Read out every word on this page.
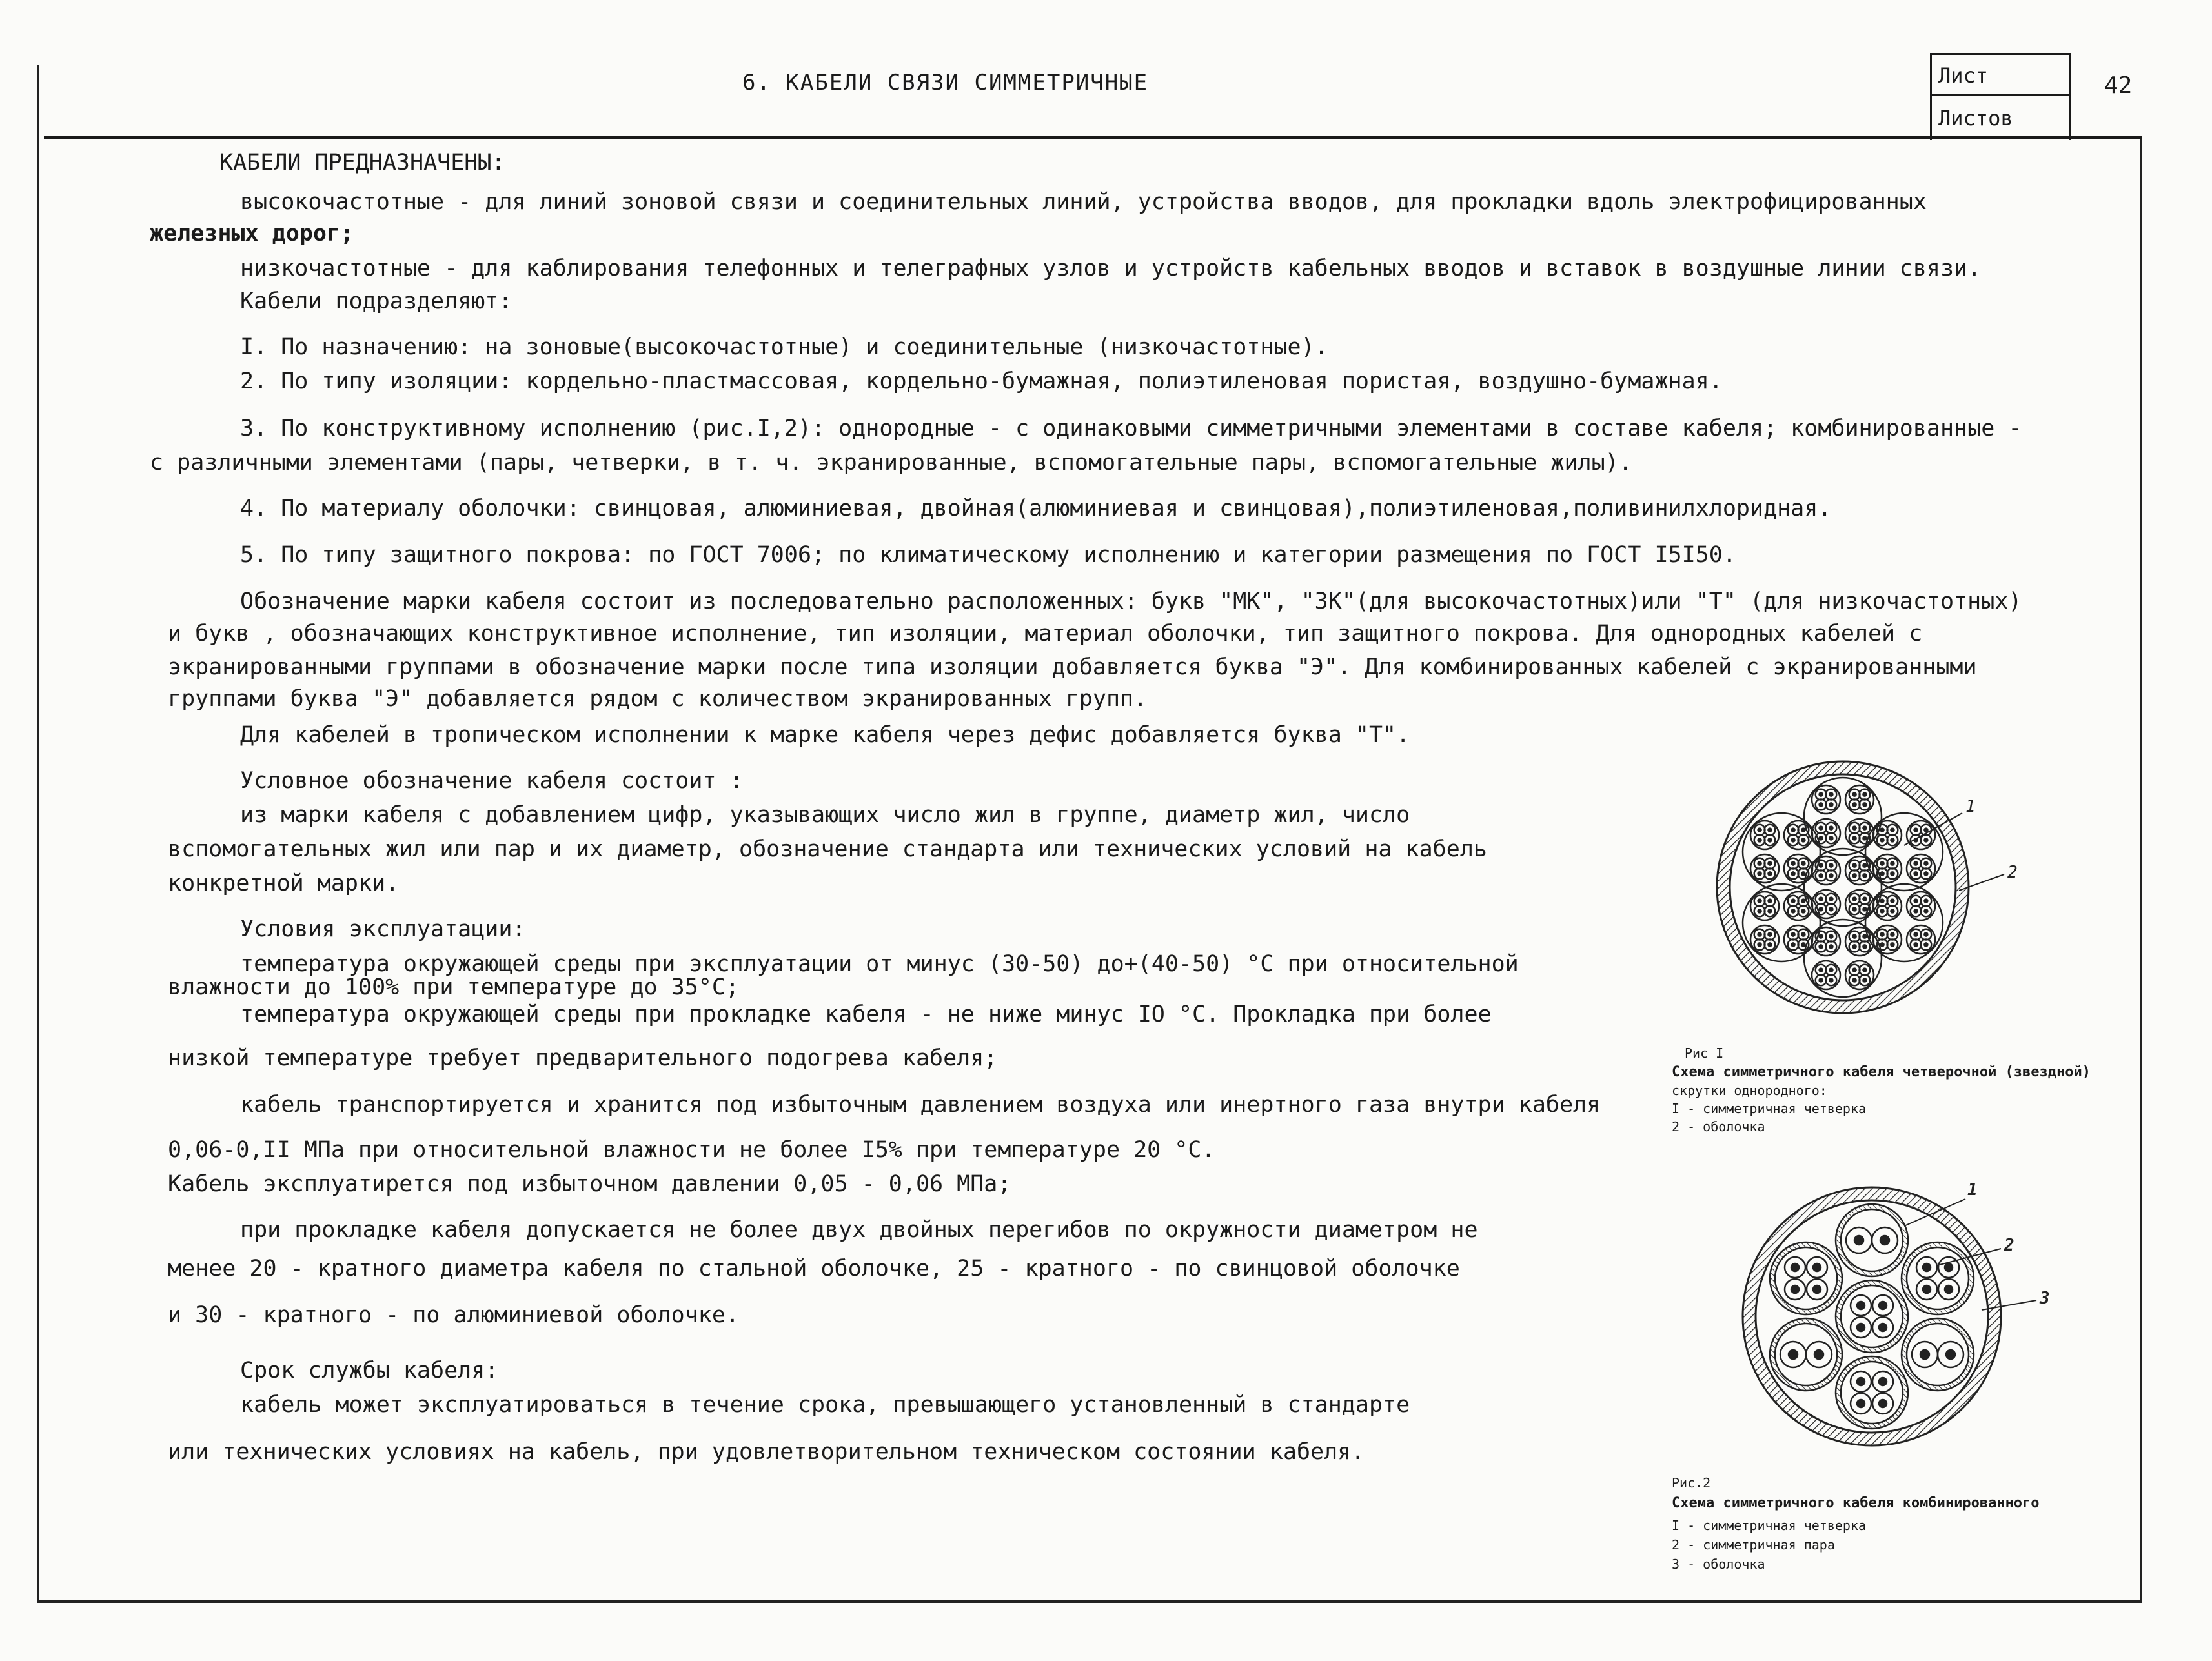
6. КАБЕЛИ СВЯЗИ СИММЕТРИЧНЫЕ	Лист
Листов
42
КАБЕЛИ ПРЕДНАЗНАЧЕНЫ:
высокочастотные - для линий зоновой связи и соединительных линий, устройства вводов, для прокладки вдоль электрофицированных
железных дорог;
низкочастотные - для каблирования телефонных и телеграфных узлов и устройств кабельных вводов и вставок в воздушные линии связи.
Кабели подразделяют:
I. По назначению: на зоновые(высокочастотные) и соединительные (низкочастотные).
2. По типу изоляции: кордельно-пластмассовая, кордельно-бумажная, полиэтиленовая пористая, воздушно-бумажная.
3. По конструктивному исполнению (рис.I,2): однородные - с одинаковыми симметричными элементами в составе кабеля; комбинированные -
с различными элементами (пары, четверки, в т. ч. экранированные, вспомогательные пары, вспомогательные жилы).
4. По материалу оболочки: свинцовая, алюминиевая, двойная(алюминиевая и свинцовая),полиэтиленовая,поливинилхлоридная.
5. По типу защитного покрова: по ГОСТ 7006; по климатическому исполнению и категории размещения по ГОСТ I5I50.
Обозначение марки кабеля состоит из последовательно расположенных: букв "МК", "ЗК"(для высокочастотных)или "Т" (для низкочастотных)
и букв , обозначающих конструктивное исполнение, тип изоляции, материал оболочки, тип защитного покрова. Для однородных кабелей с
экранированными группами в обозначение марки после типа изоляции добавляется буква "Э". Для комбинированных кабелей с экранированными
группами буква "Э" добавляется рядом с количеством экранированных групп.
Для кабелей в тропическом исполнении к марке кабеля через дефис добавляется буква "Т".
Условное обозначение кабеля состоит :
из марки кабеля с добавлением цифр, указывающих число жил в группе, диаметр жил, число
вспомогательных жил или пар и их диаметр, обозначение стандарта или технических условий на кабель
конкретной марки.
Условия эксплуатации:
температура окружающей среды при эксплуатации от минус (30-50) до+(40-50) °С при относительной
влажности до 100% при температуре до 35°С;
температура окружающей среды при прокладке кабеля - не ниже минус IO °С. Прокладка при более
низкой температуре требует предварительного подогрева кабеля;
кабель транспортируется и хранится под избыточным давлением воздуха или инертного газа внутри кабеля
0,06-0,II МПа при относительной влажности не более I5% при температуре 20 °С.
Кабель эксплуатирется под избыточном давлении 0,05 - 0,06 МПа;
при прокладке кабеля допускается не более двух двойных перегибов по окружности диаметром не
менее 20 - кратного диаметра кабеля по стальной оболочке, 25 - кратного - по свинцовой оболочке
и 30 - кратного - по алюминиевой оболочке.
Срок службы кабеля:
кабель может эксплуатироваться в течение срока, превышающего установленный в стандарте
или технических условиях на кабель, при удовлетворительном техническом состоянии кабеля.
1
2
Рис I
Схема симметричного кабеля четверочной (звездной)
скрутки однородного:
I - симметричная четверка
2 - оболочка
1
2
3
Рис.2
Схема симметричного кабеля комбинированного
I - симметричная четверка
2 - симметричная пара
3 - оболочка
